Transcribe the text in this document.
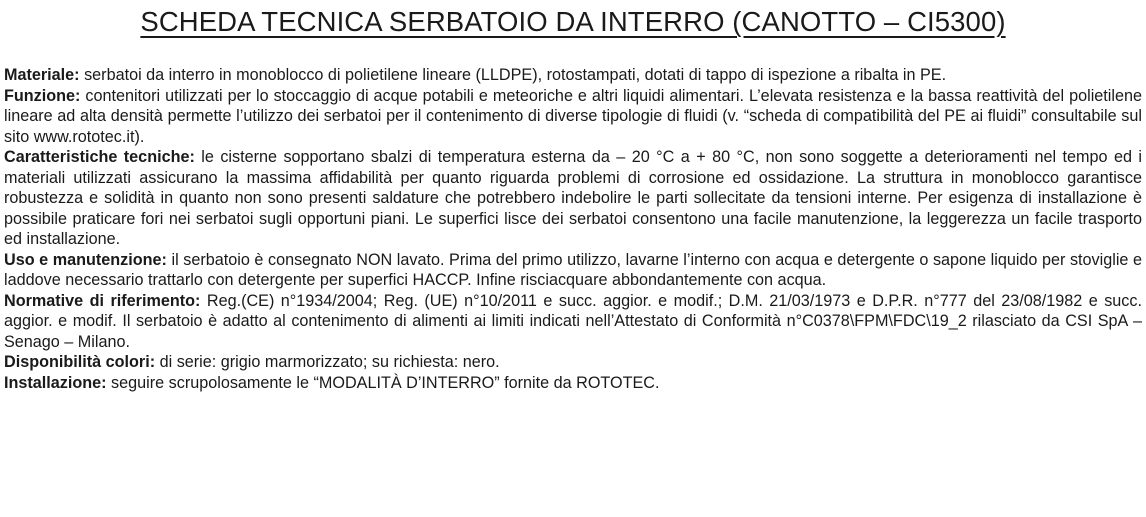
SCHEDA TECNICA SERBATOIO DA INTERRO (CANOTTO – CI5300)

Materiale: serbatoi da interro in monoblocco di polietilene lineare (LLDPE), rotostampati, dotati di tappo di ispezione a ribalta in PE.

Funzione: contenitori utilizzati per lo stoccaggio di acque potabili e meteoriche e altri liquidi alimentari. L’elevata resistenza e la bassa reattività del polietilene lineare ad alta densità permette l’utilizzo dei serbatoi per il contenimento di diverse tipologie di fluidi (v. “scheda di compatibilità del PE ai fluidi” consultabile sul sito www.rototec.it).

Caratteristiche tecniche: le cisterne sopportano sbalzi di temperatura esterna da – 20 °C a + 80 °C, non sono soggette a deterioramenti nel tempo ed i materiali utilizzati assicurano la massima affidabilità per quanto riguarda problemi di corrosione ed ossidazione. La struttura in monoblocco garantisce robustezza e solidità in quanto non sono presenti saldature che potrebbero indebolire le parti sollecitate da tensioni interne. Per esigenza di installazione è possibile praticare fori nei serbatoi sugli opportuni piani. Le superfici lisce dei serbatoi consentono una facile manutenzione, la leggerezza un facile trasporto ed installazione.

Uso e manutenzione: il serbatoio è consegnato NON lavato. Prima del primo utilizzo, lavarne l’interno con acqua e detergente o sapone liquido per stoviglie e laddove necessario trattarlo con detergente per superfici HACCP. Infine risciacquare abbondantemente con acqua.

Normative di riferimento: Reg.(CE) n°1934/2004; Reg. (UE) n°10/2011 e succ. aggior. e modif.; D.M. 21/03/1973 e D.P.R. n°777 del 23/08/1982 e succ. aggior. e modif. Il serbatoio è adatto al contenimento di alimenti ai limiti indicati nell’Attestato di Conformità n°C0378\FPM\FDC\19_2 rilasciato da CSI SpA – Senago – Milano.

Disponibilità colori: di serie: grigio marmorizzato; su richiesta: nero.

Installazione: seguire scrupolosamente le “MODALITÀ D’INTERRO” fornite da ROTOTEC.
